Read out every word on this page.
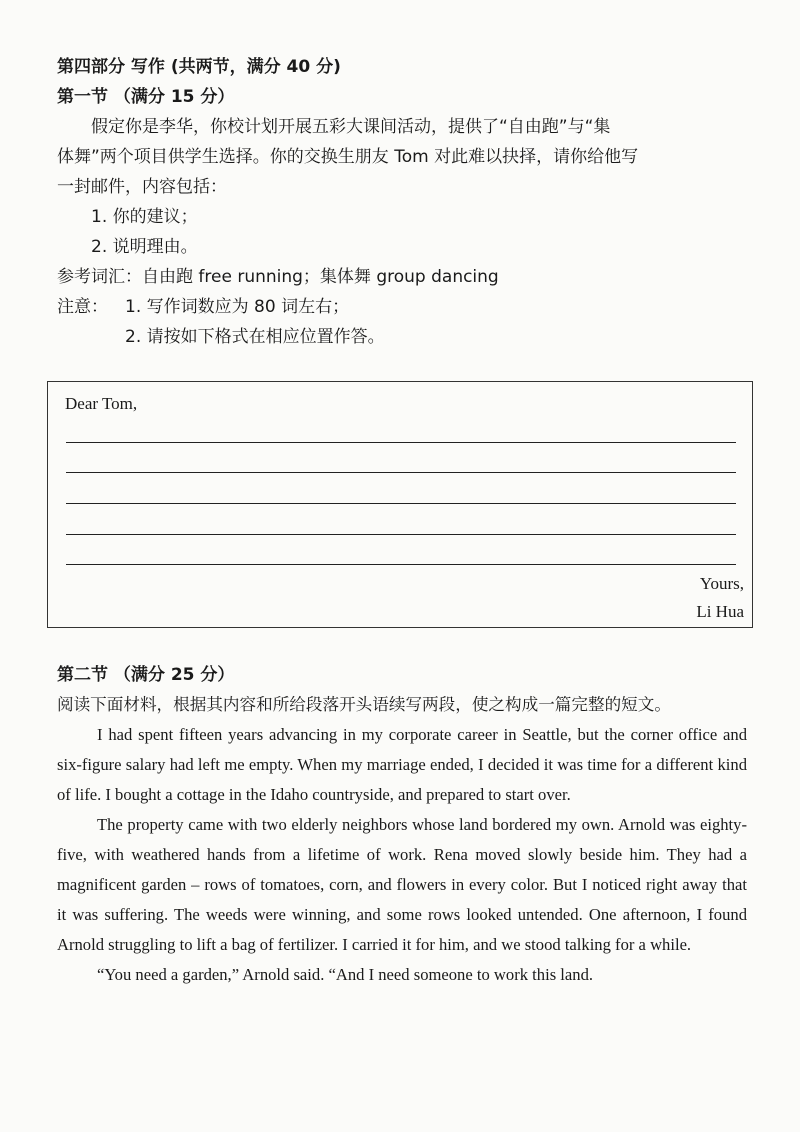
第四部分 写作 (共两节，满分 40 分)
第一节 （满分 15 分）
假定你是李华，你校计划开展五彩大课间活动，提供了“自由跑”与“集
体舞”两个项目供学生选择。你的交换生朋友 Tom 对此难以抉择，请你给他写
一封邮件，内容包括：
1. 你的建议；
2. 说明理由。
参考词汇：自由跑 free running；集体舞 group dancing
注意：	1. 写作词数应为 80 词左右；
2. 请按如下格式在相应位置作答。
Dear Tom,
Yours,
Li Hua
第二节 （满分 25 分）
阅读下面材料，根据其内容和所给段落开头语续写两段，使之构成一篇完整的短文。

I had spent fifteen years advancing in my corporate career in Seattle, but the corner office and six-figure salary had left me empty. When my marriage ended, I decided it was time for a different kind of life. I bought a cottage in the Idaho countryside, and prepared to start over.

The property came with two elderly neighbors whose land bordered my own. Arnold was eighty-five, with weathered hands from a lifetime of work. Rena moved slowly beside him. They had a magnificent garden – rows of tomatoes, corn, and flowers in every color. But I noticed right away that it was suffering. The weeds were winning, and some rows looked untended. One afternoon, I found Arnold struggling to lift a bag of fertilizer. I carried it for him, and we stood talking for a while.

“You need a garden,” Arnold said. “And I need someone to work this land.
